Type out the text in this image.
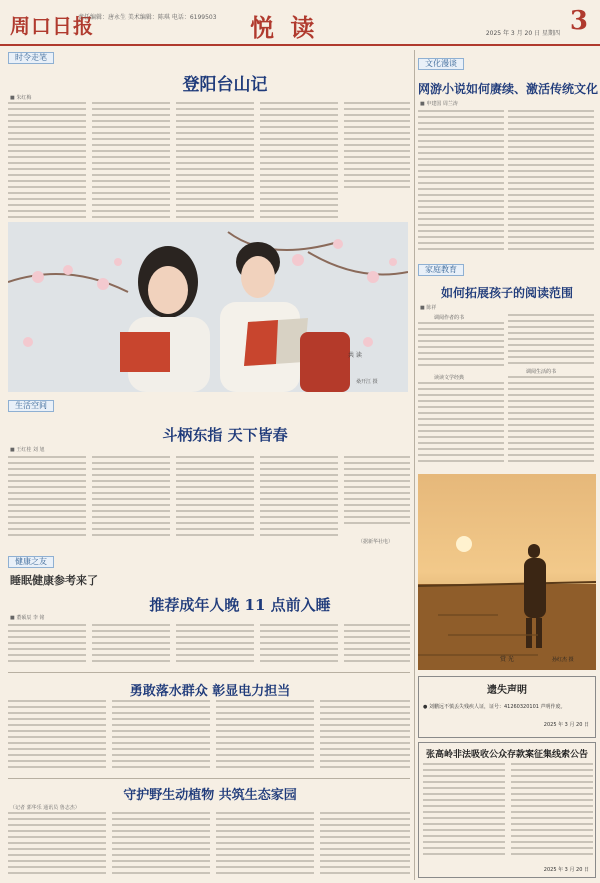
周口日报
责任编辑：唐永生 美术编辑：陈琪 电话：6199503 悦 读	2025 年 3 月 20 日 星期四 3
时令走笔
登阳台山记
■ 朱红梅
共 读
桑开江 摄
生活空间
斗柄东指 天下皆春
■ 王红桂 刘 旭
（据新华社电）
健康之友
睡眠健康参考来了
推荐成年人晚 11 点前入睡
■ 董硕辰 李 铭
勇敢落水群众 彰显电力担当
守护野生动植物 共筑生态家园
（记者 郭华乐 通讯员 鲁志杰）
文化漫谈
网游小说如何赓续、激活传统文化
■ 申建国 周兰涛
家庭教育
如何拓展孩子的阅读范围
■ 陈祥
调阅作者的书
读读文学经典
调阅生活的书
赏 光	孙红杰 摄
遗失声明
● 刘鹏远不慎丢失残疾人证，证号：41260320101 声明作废。
2025 年 3 月 20 日
张高岭非法吸收公众存款案征集线索公告
2025 年 3 月 20 日
